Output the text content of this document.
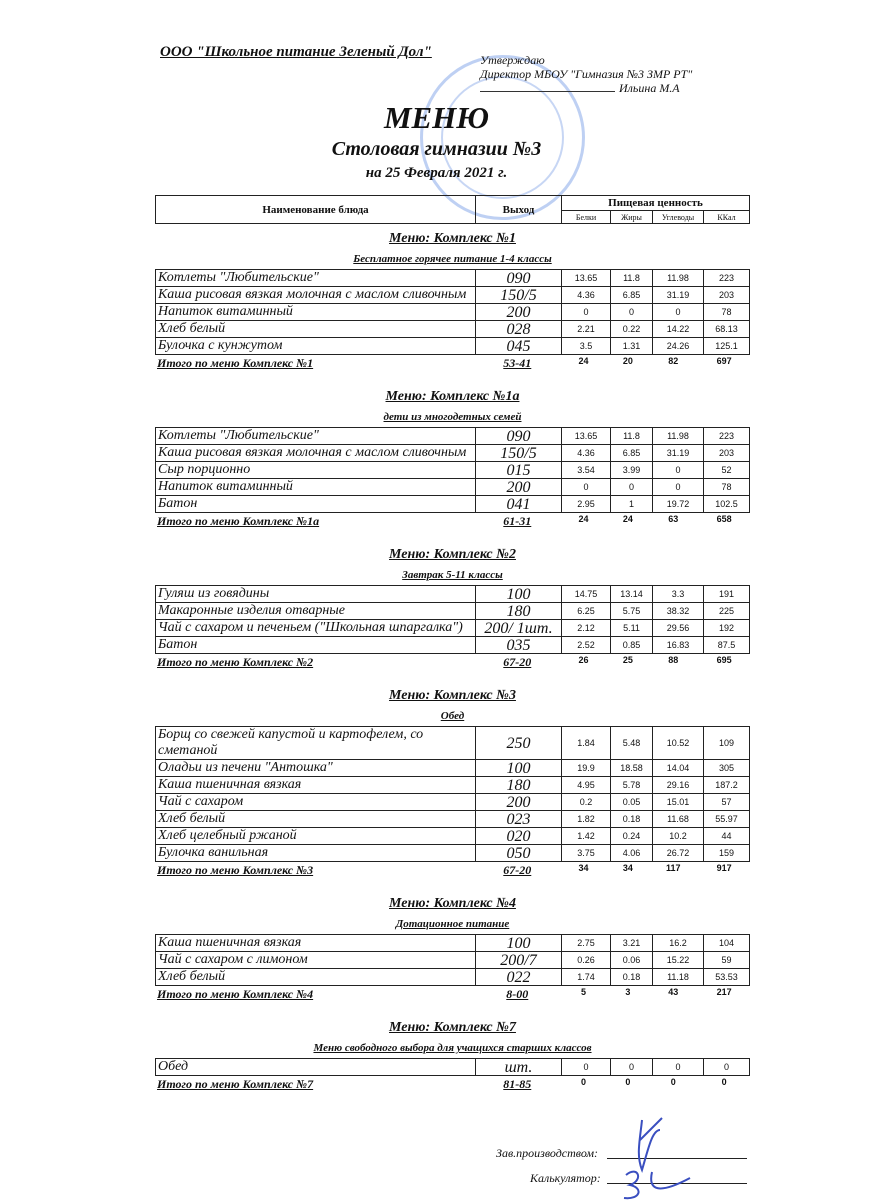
ООО "Школьное питание Зеленый Дол"	Утверждаю
Директор МБОУ "Гимназия №3 ЗМР РТ"
Ильина М.А
МЕНЮ
Столовая гимназии №3
на 25 Февраля 2021 г.
Наименование блюда	Выход
Пищевая ценность
Белки	Жиры	Углеводы	ККал
Меню: Комплекс №1
Бесплатное горячее питание 1-4 классы
Котлеты "Любительские"	090	13.65	11.8	11.98	223
Каша рисовая вязкая молочная с маслом сливочным	150/5	4.36	6.85	31.19	203
Напиток витаминный	200	0	0	0	78
Хлеб белый	028	2.21	0.22	14.22	68.13
Булочка с кунжутом	045	3.5	1.31	24.26	125.1
Итого по меню Комплекс №1	53-41	24	20	82	697
Меню: Комплекс №1а
дети из многодетных семей
Котлеты "Любительские"	090	13.65	11.8	11.98	223
Каша рисовая вязкая молочная с маслом сливочным	150/5	4.36	6.85	31.19	203
Сыр порционно	015	3.54	3.99	0	52
Напиток витаминный	200	0	0	0	78
Батон	041	2.95	1	19.72	102.5
Итого по меню Комплекс №1а	61-31	24	24	63	658
Меню: Комплекс №2
Завтрак 5-11 классы
Гуляш из говядины	100	14.75	13.14	3.3	191
Макаронные изделия отварные	180	6.25	5.75	38.32	225
Чай с сахаром и печеньем ("Школьная шпаргалка")	200/ 1шт.	2.12	5.11	29.56	192
Батон	035	2.52	0.85	16.83	87.5
Итого по меню Комплекс №2	67-20	26	25	88	695
Меню: Комплекс №3
Обед
Борщ со свежей капустой и картофелем, со сметаной	250	1.84	5.48	10.52	109
Оладьи из печени "Антошка"	100	19.9	18.58	14.04	305
Каша пшеничная вязкая	180	4.95	5.78	29.16	187.2
Чай с сахаром	200	0.2	0.05	15.01	57
Хлеб белый	023	1.82	0.18	11.68	55.97
Хлеб целебный ржаной	020	1.42	0.24	10.2	44
Булочка ванильная	050	3.75	4.06	26.72	159
Итого по меню Комплекс №3	67-20	34	34	117	917
Меню: Комплекс №4
Дотационное питание
Каша пшеничная вязкая	100	2.75	3.21	16.2	104
Чай с сахаром с лимоном	200/7	0.26	0.06	15.22	59
Хлеб белый	022	1.74	0.18	11.18	53.53
Итого по меню Комплекс №4	8-00	5	3	43	217
Меню: Комплекс №7
Меню свободного выбора для учащихся старших классов
Обед	шт.	0	0	0	0
Итого по меню Комплекс №7	81-85	0	0	0	0
Зав.производством:
Калькулятор:
